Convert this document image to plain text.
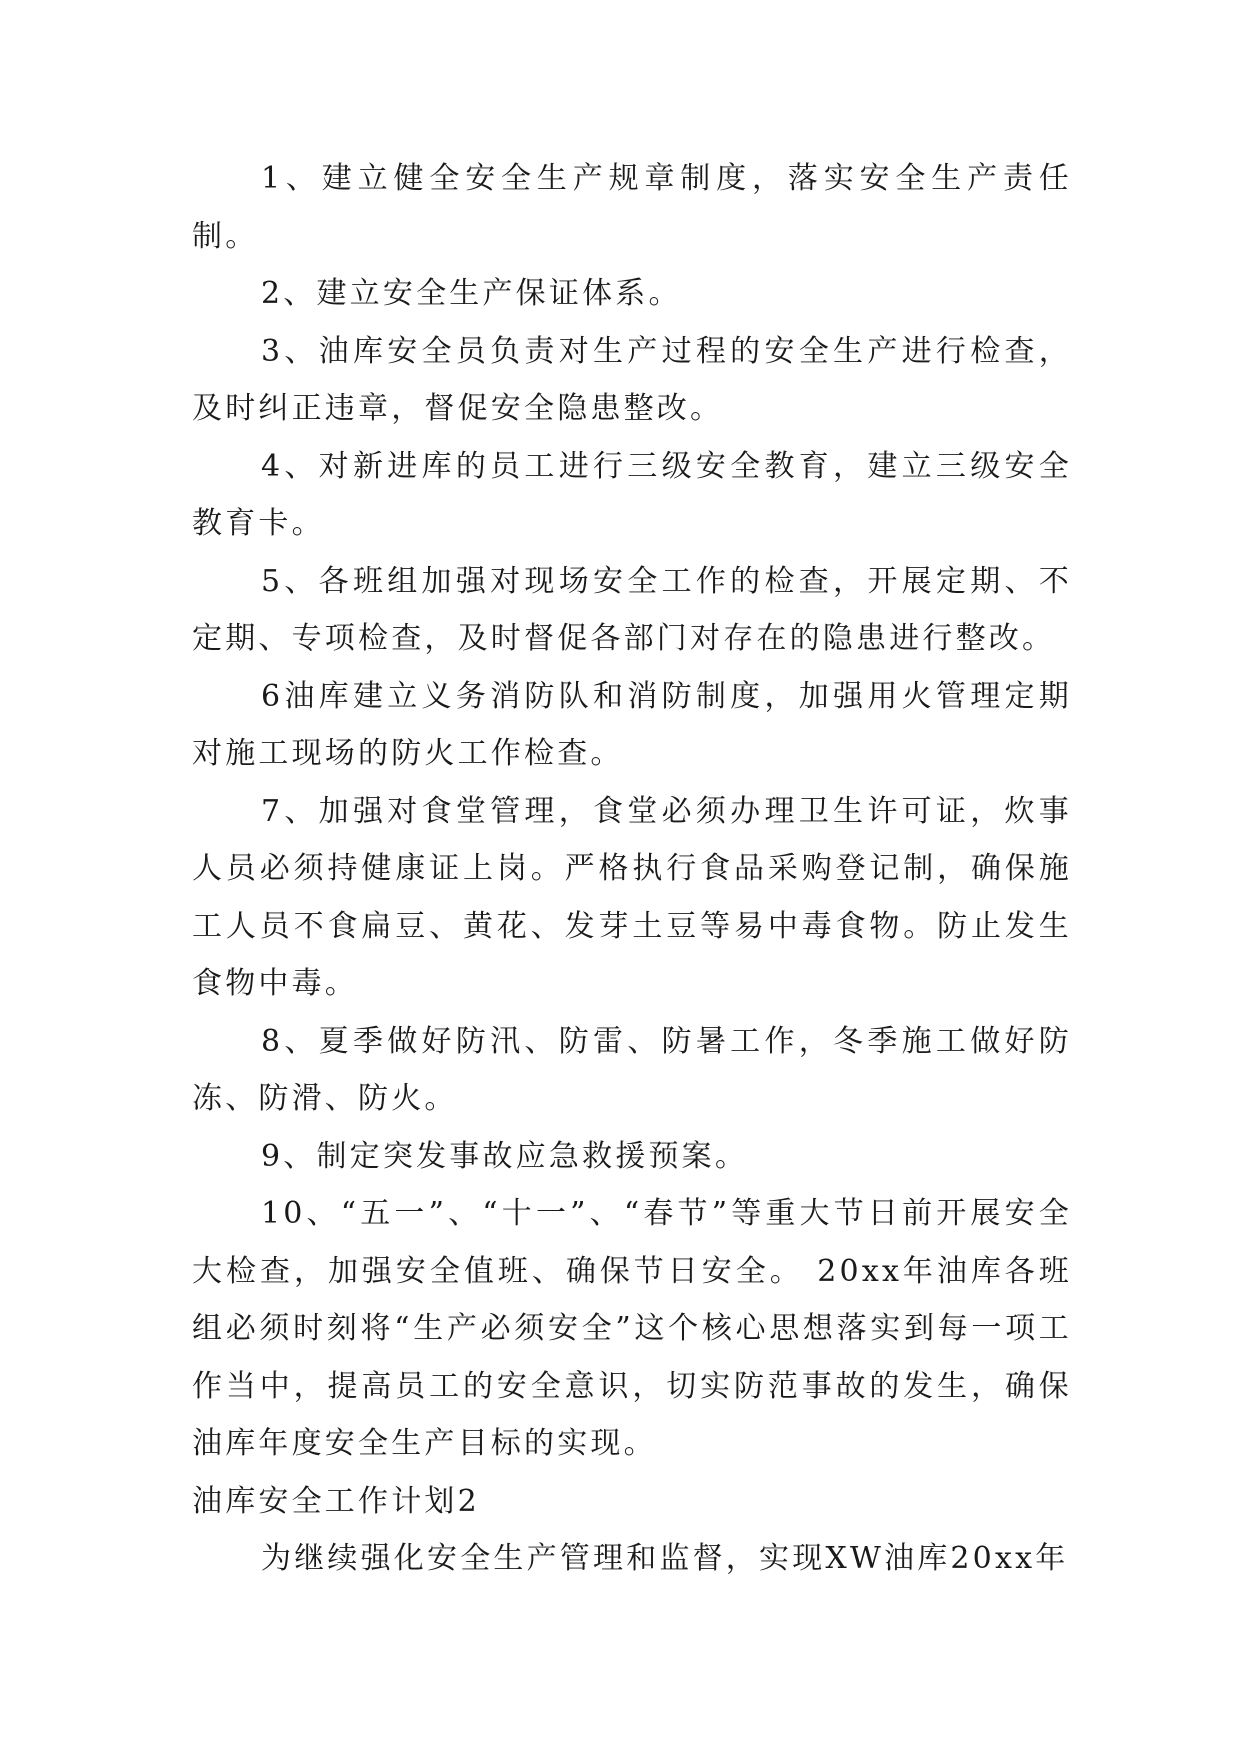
1、建立健全安全生产规章制度，落实安全生产责任制。

2、建立安全生产保证体系。

3、油库安全员负责对生产过程的安全生产进行检查，及时纠正违章，督促安全隐患整改。

4、对新进库的员工进行三级安全教育，建立三级安全教育卡。

5、各班组加强对现场安全工作的检查，开展定期、不定期、专项检查，及时督促各部门对存在的隐患进行整改。

6油库建立义务消防队和消防制度，加强用火管理定期对施工现场的防火工作检查。

7、加强对食堂管理，食堂必须办理卫生许可证，炊事人员必须持健康证上岗。严格执行食品采购登记制，确保施工人员不食扁豆、黄花、发芽土豆等易中毒食物。防止发生食物中毒。

8、夏季做好防汛、防雷、防暑工作，冬季施工做好防冻、防滑、防火。

9、制定突发事故应急救援预案。

10、“五一”、“十一”、“春节”等重大节日前开展安全大检查，加强安全值班、确保节日安全。 20xx年油库各班组必须时刻将“生产必须安全”这个核心思想落实到每一项工作当中，提高员工的安全意识，切实防范事故的发生，确保油库年度安全生产目标的实现。

油库安全工作计划2

为继续强化安全生产管理和监督，实现XW油库20xx年
